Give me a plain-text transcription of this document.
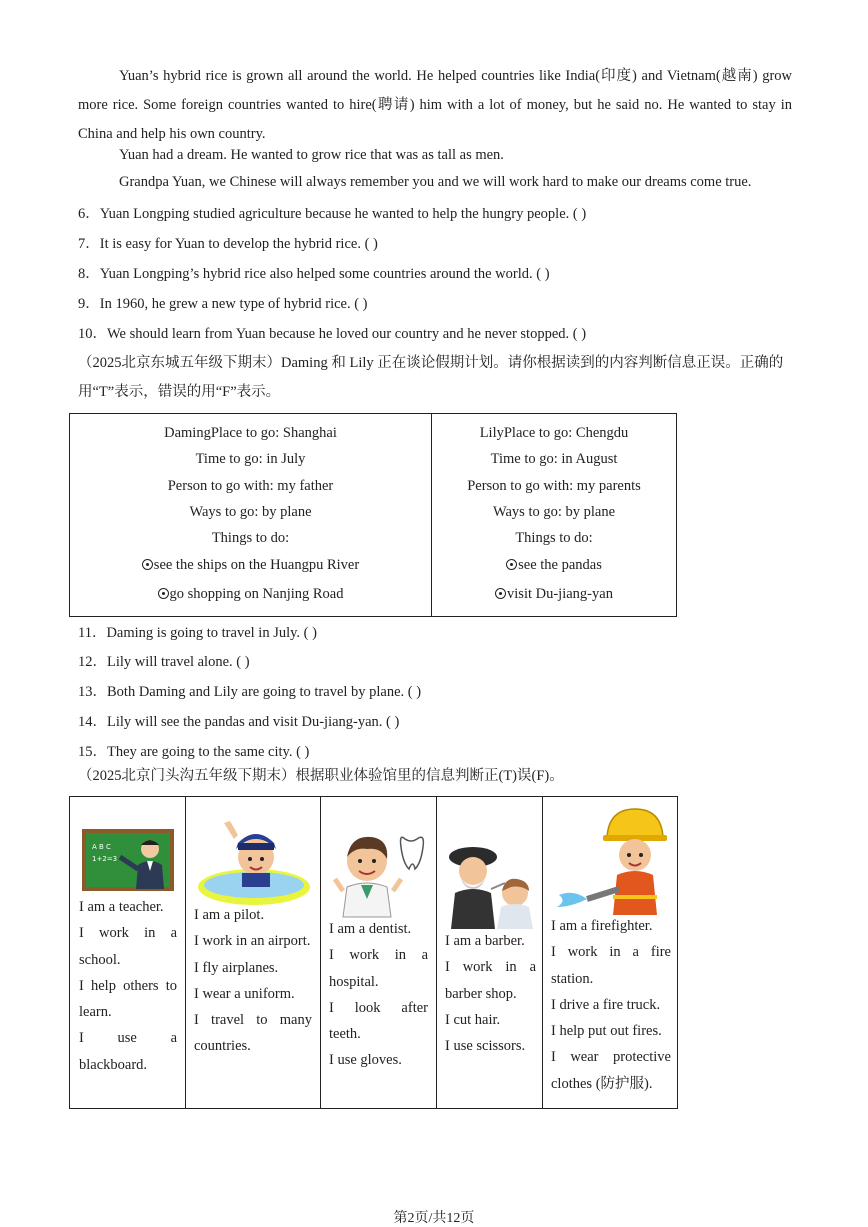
Yuan’s hybrid rice is grown all around the world. He helped countries like India(印度) and Vietnam(越南) grow more rice. Some foreign countries wanted to hire(聘请) him with a lot of money, but he said no. He wanted to stay in China and help his own country.

Yuan had a dream. He wanted to grow rice that was as tall as men.
Grandpa Yuan, we Chinese will always remember you and we will work hard to make our dreams come true.
6．Yuan Longping studied agriculture because he wanted to help the hungry people. ( )
7．It is easy for Yuan to develop the hybrid rice. ( )
8．Yuan Longping’s hybrid rice also helped some countries around the world. ( )
9．In 1960, he grew a new type of hybrid rice. ( )
10．We should learn from Yuan because he loved our country and he never stopped. ( )

（2025北京东城五年级下期末）Daming 和 Lily 正在谈论假期计划。请你根据读到的内容判断信息正误。正确的用“T”表示，错误的用“F”表示。

DamingPlace to go: Shanghai
Time to go: in July
Person to go with: my father
Ways to go: by plane
Things to do:
see the ships on the Huangpu River
go shopping on Nanjing Road

LilyPlace to go: Chengdu
Time to go: in August
Person to go with: my parents
Ways to go: by plane
Things to do:
see the pandas
visit Du-jiang-yan
11．Daming is going to travel in July. ( )
12．Lily will travel alone. ( )
13．Both Daming and Lily are going to travel by plane. ( )
14．Lily will see the pandas and visit Du-jiang-yan. ( )
15．They are going to the same city. ( )

（2025北京门头沟五年级下期末）根据职业体验馆里的信息判断正(T)误(F)。

A B C
1+2=3
I am a teacher.
I work in a school.
I help others to learn.
I use a blackboard.

I am a pilot.
I work in an airport.
I fly airplanes.
I wear a uniform.
I travel to many countries.

I am a dentist.
I work in a hospital.
I look after teeth.
I use gloves.

I am a barber.
I work in a barber shop.
I cut hair.
I use scissors.

I am a firefighter.
I work in a fire station.
I drive a fire truck.
I help put out fires.
I wear protective clothes (防护服).
第2页/共12页
